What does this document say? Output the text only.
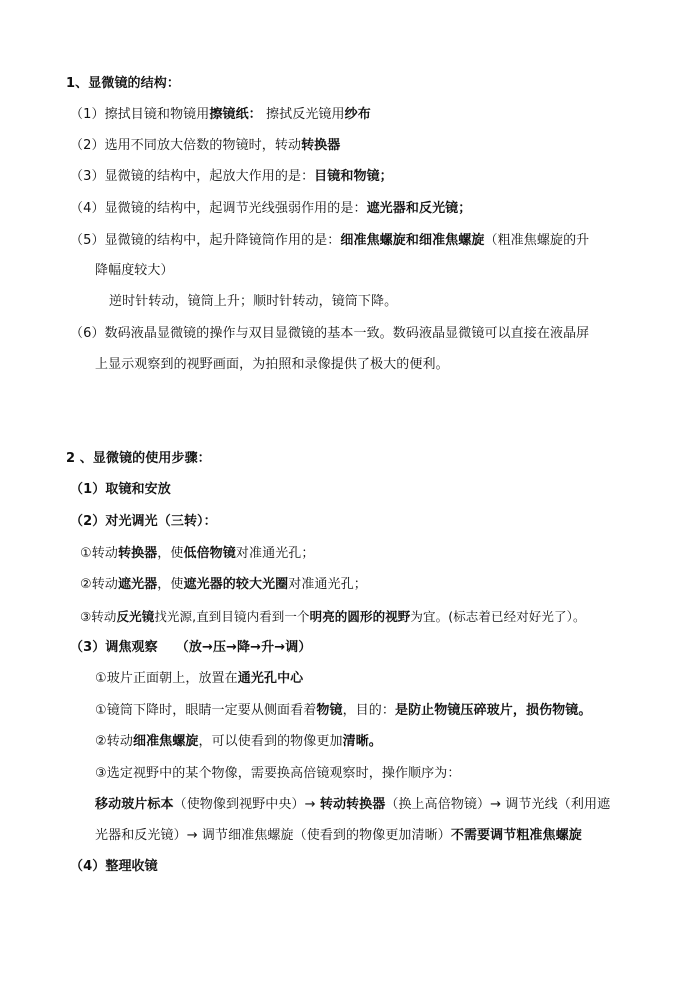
1、显微镜的结构：
（1）擦拭目镜和物镜用擦镜纸： 擦拭反光镜用纱布
（2）选用不同放大倍数的物镜时，转动转换器
（3）显微镜的结构中，起放大作用的是：目镜和物镜；
（4）显微镜的结构中，起调节光线强弱作用的是：遮光器和反光镜；
（5）显微镜的结构中，起升降镜筒作用的是：细准焦螺旋和细准焦螺旋（粗准焦螺旋的升
降幅度较大）
逆时针转动，镜筒上升；顺时针转动，镜筒下降。
（6）数码液晶显微镜的操作与双目显微镜的基本一致。数码液晶显微镜可以直接在液晶屏
上显示观察到的视野画面，为拍照和录像提供了极大的便利。
2 、显微镜的使用步骤：
（1）取镜和安放
（2）对光调光（三转）：
①转动转换器，使低倍物镜对准通光孔；
②转动遮光器，使遮光器的较大光圈对准通光孔；
③转动反光镜找光源,直到目镜内看到一个明亮的圆形的视野为宜。(标志着已经对好光了）。
（3）调焦观察 （放→压→降→升→调）
①玻片正面朝上，放置在通光孔中心
①镜筒下降时，眼睛一定要从侧面看着物镜，目的：是防止物镜压碎玻片，损伤物镜。
②转动细准焦螺旋，可以使看到的物像更加清晰。
③选定视野中的某个物像，需要换高倍镜观察时，操作顺序为：
移动玻片标本（使物像到视野中央）→ 转动转换器（换上高倍物镜）→ 调节光线（利用遮
光器和反光镜）→ 调节细准焦螺旋（使看到的物像更加清晰）不需要调节粗准焦螺旋
（4）整理收镜
